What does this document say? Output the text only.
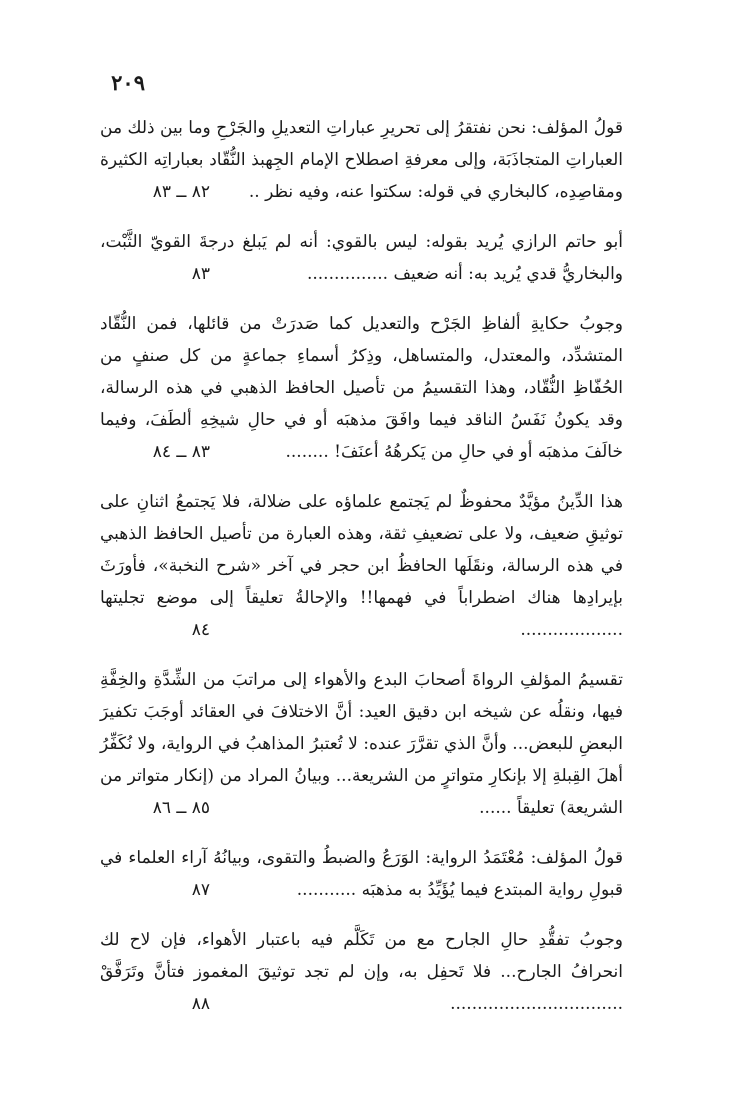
٢٠٩

قولُ المؤلف: نحن نفتقرُ إلى تحريرِ عباراتِ التعديلِ والجَرْحِ وما بين ذلك من العباراتِ المتجاذَبَة، وإلى معرفةِ اصطلاح الإمام الجِهبذ النُّقّاد بعباراتِه الكثيرة ومقاصِدِه، كالبخاري في قوله: سكتوا عنه، وفيه نظر ..

أبو حاتم الرازي يُريد بقوله: ليس بالقوي: أنه لم يَبلغ درجةَ القويّ الثَّبْت، والبخاريُّ قدي يُريد به: أنه ضعيف ...............

وجوبُ حكايةِ ألفاظِ الجَرْح والتعديل كما صَدرَتْ من قائلها، فمن النُّقّاد المتشدِّد، والمعتدل، والمتساهل، وذِكرُ أسماءِ جماعةٍ من كل صنفٍ من الحُفّاظِ النُّقّاد، وهذا التقسيمُ من تأصيل الحافظ الذهبي في هذه الرسالة، وقد يكونُ نَفَسُ الناقد فيما وافَقَ مذهبَه أو في حالِ شيخِهِ ألطَفَ، وفيما خالَفَ مذهبَه أو في حالِ من يَكرهُهُ أعنَفَ! ........

هذا الدِّينُ مؤيَّدٌ محفوظٌ لم يَجتمع علماؤه على ضلالة، فلا يَجتمعُ اثنانِ على توثيقِ ضعيف، ولا على تضعيفِ ثقة، وهذه العبارة من تأصيل الحافظ الذهبي في هذه الرسالة، ونقَلَها الحافظُ ابن حجر في آخر «شرح النخبة»، فأورَثَ بإيرادِها هناك اضطراباً في فهمها!! والإحالةُ تعليقاً إلى موضع تجليتها ...................

تقسيمُ المؤلفِ الرواةَ أصحابَ البدع والأهواء إلى مراتبَ من الشِّدَّةِ والخِفَّةِ فيها، ونقلُه عن شيخه ابن دقيق العيد: أنَّ الاختلافَ في العقائد أوجَبَ تكفيرَ البعضِ للبعض... وأنَّ الذي تقرَّرَ عنده: لا تُعتبرُ المذاهبُ في الرواية، ولا نُكَفِّرُ أهلَ القِبلةِ إلا بإنكارِ متواترٍ من الشريعة... وبيانُ المراد من (إنكار متواتر من الشريعة) تعليقاً ......

قولُ المؤلف: مُعْتَمَدُ الرواية: الوَرَعُ والضبطُ والتقوى، وبيانُهُ آراء العلماء في قبولِ رواية المبتدع فيما يُؤَيِّدُ به مذهبَه ...........

وجوبُ تفقُّدِ حالِ الجارح مع من تَكَلَّم فيه باعتبار الأهواء، فإن لاح لك انحرافُ الجارح... فلا تَحفِل به، وإن لم تجد توثيقَ المغموز فتأنَّ وتَرَفَّقْ ................................

٨٢ ــ ٨٣
٨٣
٨٣ ــ ٨٤
٨٤
٨٥ ــ ٨٦
٨٧
٨٨
